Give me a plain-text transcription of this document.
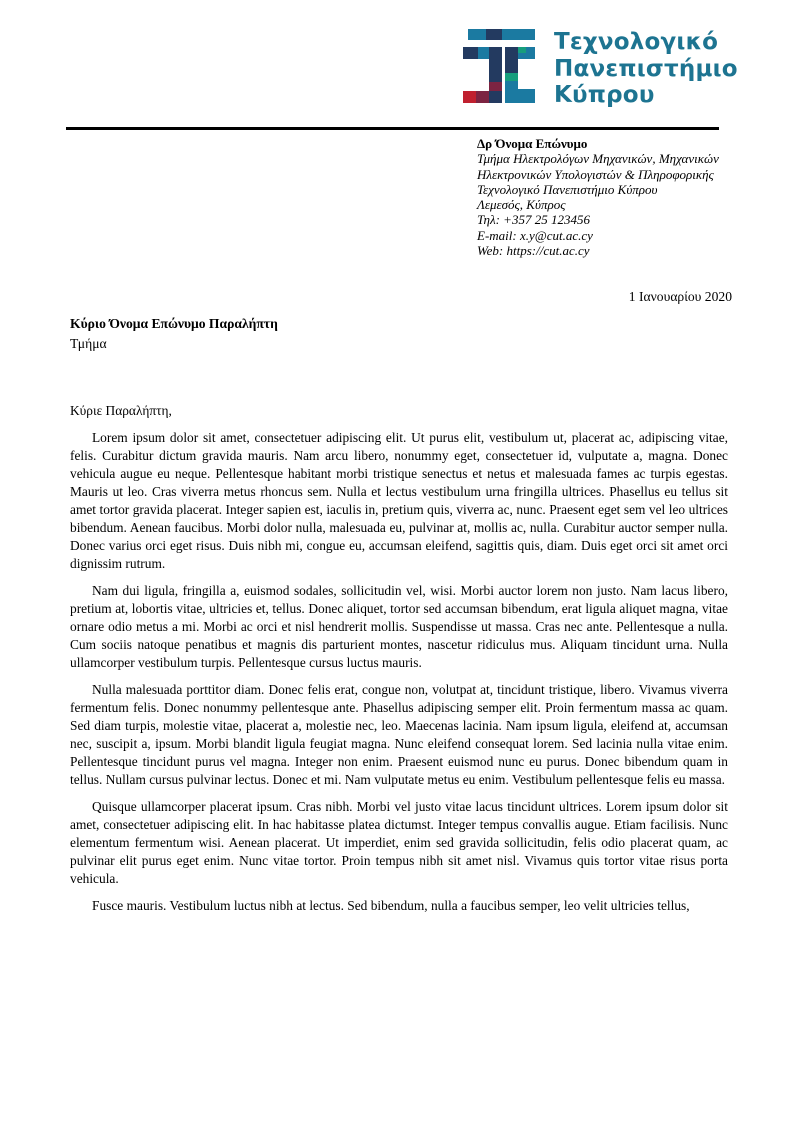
Τεχνολογικό
Πανεπιστήμιο
Κύπρου
Δρ Όνομα Επώνυμο
Τμήμα Ηλεκτρολόγων Μηχανικών, Μηχανικών
Ηλεκτρονικών Υπολογιστών & Πληροφορικής
Τεχνολογικό Πανεπιστήμιο Κύπρου
Λεμεσός, Κύπρος
Τηλ: +357 25 123456
E-mail: x.y@cut.ac.cy
Web: https://cut.ac.cy
1 Ιανουαρίου 2020
Κύριο Όνομα Επώνυμο Παραλήπτη
Τμήμα

Κύριε Παραλήπτη,

Lorem ipsum dolor sit amet, consectetuer adipiscing elit. Ut purus elit, vestibulum ut, placerat ac, adipiscing vitae, felis. Curabitur dictum gravida mauris. Nam arcu libero, nonummy eget, consectetuer id, vulputate a, magna. Donec vehicula augue eu neque. Pellentesque habitant morbi tristique senectus et netus et malesuada fames ac turpis egestas. Mauris ut leo. Cras viverra metus rhoncus sem. Nulla et lectus vestibulum urna fringilla ultrices. Phasellus eu tellus sit amet tortor gravida placerat. Integer sapien est, iaculis in, pretium quis, viverra ac, nunc. Praesent eget sem vel leo ultrices bibendum. Aenean faucibus. Morbi dolor nulla, malesuada eu, pulvinar at, mollis ac, nulla. Curabitur auctor semper nulla. Donec varius orci eget risus. Duis nibh mi, congue eu, accumsan eleifend, sagittis quis, diam. Duis eget orci sit amet orci dignissim rutrum.

Nam dui ligula, fringilla a, euismod sodales, sollicitudin vel, wisi. Morbi auctor lorem non justo. Nam lacus libero, pretium at, lobortis vitae, ultricies et, tellus. Donec aliquet, tortor sed accumsan bibendum, erat ligula aliquet magna, vitae ornare odio metus a mi. Morbi ac orci et nisl hendrerit mollis. Suspendisse ut massa. Cras nec ante. Pellentesque a nulla. Cum sociis natoque penatibus et magnis dis parturient montes, nascetur ridiculus mus. Aliquam tincidunt urna. Nulla ullamcorper vestibulum turpis. Pellentesque cursus luctus mauris.

Nulla malesuada porttitor diam. Donec felis erat, congue non, volutpat at, tincidunt tristique, libero. Vivamus viverra fermentum felis. Donec nonummy pellentesque ante. Phasellus adipiscing semper elit. Proin fermentum massa ac quam. Sed diam turpis, molestie vitae, placerat a, molestie nec, leo. Maecenas lacinia. Nam ipsum ligula, eleifend at, accumsan nec, suscipit a, ipsum. Morbi blandit ligula feugiat magna. Nunc eleifend consequat lorem. Sed lacinia nulla vitae enim. Pellentesque tincidunt purus vel magna. Integer non enim. Praesent euismod nunc eu purus. Donec bibendum quam in tellus. Nullam cursus pulvinar lectus. Donec et mi. Nam vulputate metus eu enim. Vestibulum pellentesque felis eu massa.

Quisque ullamcorper placerat ipsum. Cras nibh. Morbi vel justo vitae lacus tincidunt ultrices. Lorem ipsum dolor sit amet, consectetuer adipiscing elit. In hac habitasse platea dictumst. Integer tempus convallis augue. Etiam facilisis. Nunc elementum fermentum wisi. Aenean placerat. Ut imperdiet, enim sed gravida sollicitudin, felis odio placerat quam, ac pulvinar elit purus eget enim. Nunc vitae tortor. Proin tempus nibh sit amet nisl. Vivamus quis tortor vitae risus porta vehicula.

Fusce mauris. Vestibulum luctus nibh at lectus. Sed bibendum, nulla a faucibus semper, leo velit ultricies tellus,
